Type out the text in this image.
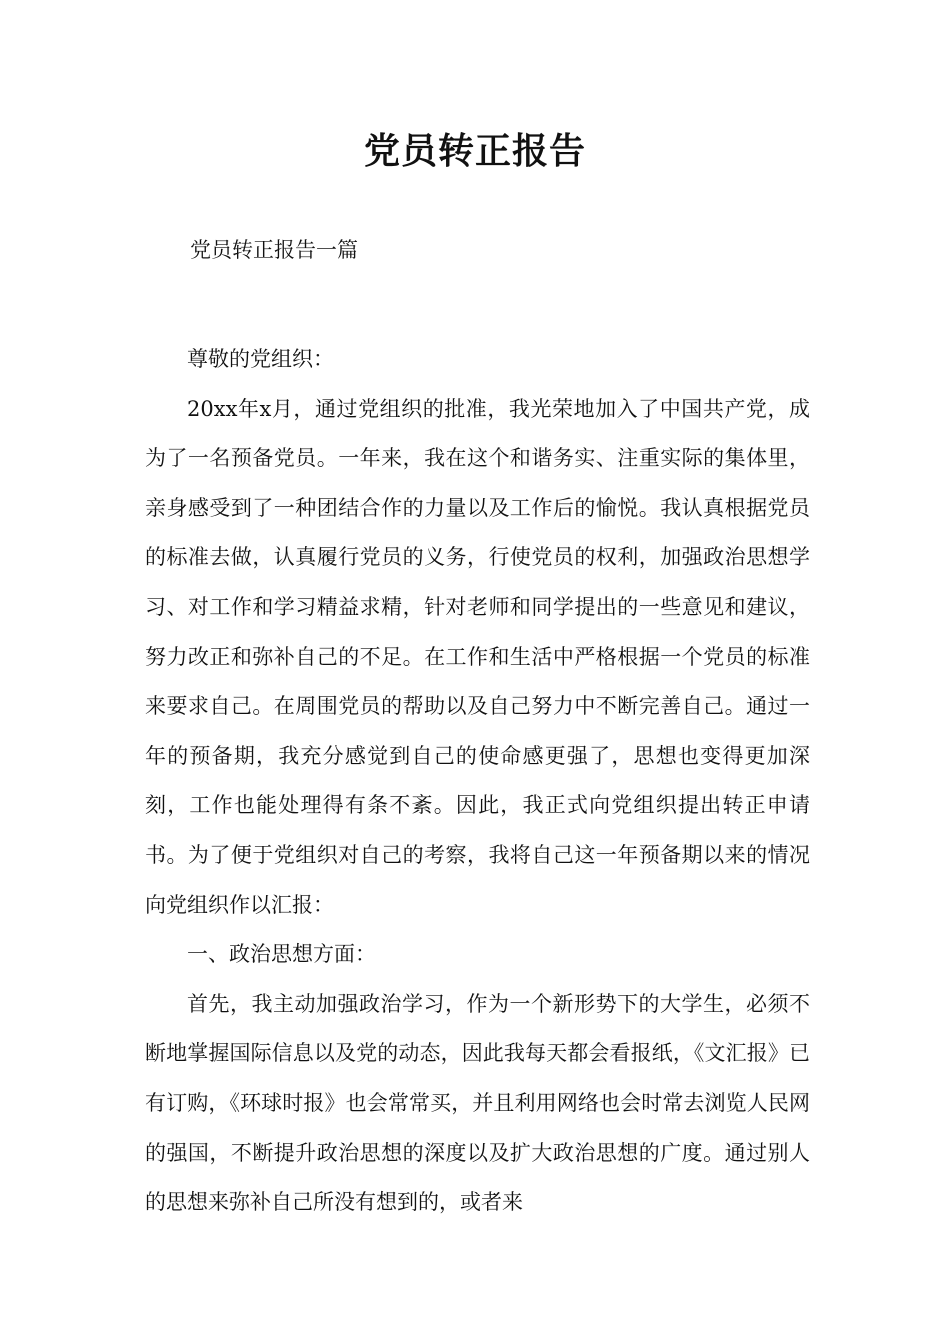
党员转正报告
党员转正报告一篇

尊敬的党组织：

20xx年x月，通过党组织的批准，我光荣地加入了中国共产党，成为了一名预备党员。一年来，我在这个和谐务实、注重实际的集体里，亲身感受到了一种团结合作的力量以及工作后的愉悦。我认真根据党员的标准去做，认真履行党员的义务，行使党员的权利，加强政治思想学习、对工作和学习精益求精，针对老师和同学提出的一些意见和建议，努力改正和弥补自己的不足。在工作和生活中严格根据一个党员的标准来要求自己。在周围党员的帮助以及自己努力中不断完善自己。通过一年的预备期，我充分感觉到自己的使命感更强了，思想也变得更加深刻，工作也能处理得有条不紊。因此，我正式向党组织提出转正申请书。为了便于党组织对自己的考察，我将自己这一年预备期以来的情况向党组织作以汇报：

一、政治思想方面：

首先，我主动加强政治学习，作为一个新形势下的大学生，必须不断地掌握国际信息以及党的动态，因此我每天都会看报纸，《文汇报》已有订购，《环球时报》也会常常买，并且利用网络也会时常去浏览人民网的强国，不断提升政治思想的深度以及扩大政治思想的广度。通过别人的思想来弥补自己所没有想到的，或者来
